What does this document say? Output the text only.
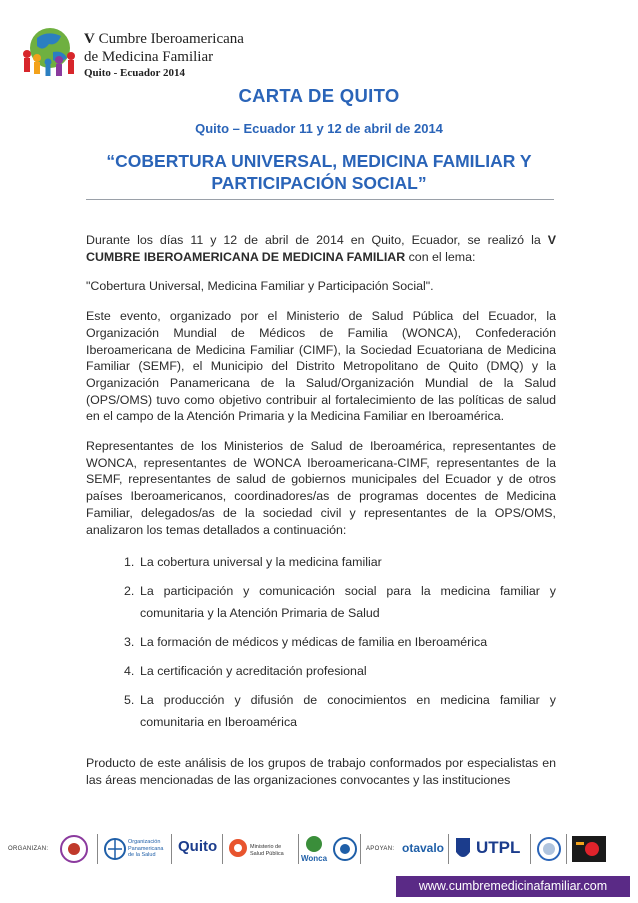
V Cumbre Iberoamericana
de Medicina Familiar
Quito - Ecuador 2014
CARTA DE QUITO
Quito – Ecuador 11 y 12 de abril de 2014
“COBERTURA UNIVERSAL, MEDICINA FAMILIAR Y
PARTICIPACIÓN SOCIAL”

Durante los días 11 y 12 de abril de 2014 en Quito, Ecuador, se realizó la V CUMBRE IBEROAMERICANA DE MEDICINA FAMILIAR con el lema:

"Cobertura Universal, Medicina Familiar y Participación Social".

Este evento, organizado por el Ministerio de Salud Pública del Ecuador, la Organización Mundial de Médicos de Familia (WONCA), Confederación Iberoamericana de Medicina Familiar (CIMF), la Sociedad Ecuatoriana de Medicina Familiar (SEMF), el Municipio del Distrito Metropolitano de Quito (DMQ) y la Organización Panamericana de la Salud/Organización Mundial de la Salud (OPS/OMS) tuvo como objetivo contribuir al fortalecimiento de las políticas de salud en el campo de la Atención Primaria y la Medicina Familiar en Iberoamérica.

Representantes de los Ministerios de Salud de Iberoamérica, representantes de WONCA, representantes de WONCA Iberoamericana-CIMF, representantes de la SEMF, representantes de salud de gobiernos municipales del Ecuador y de otros países Iberoamericanos, coordinadores/as de programas docentes de Medicina Familiar, delegados/as de la sociedad civil y representantes de la OPS/OMS, analizaron los temas detallados a continuación:

1. La cobertura universal y la medicina familiar
2. La participación y comunicación social para la medicina familiar y comunitaria y la Atención Primaria de Salud
3. La formación de médicos y médicas de familia en Iberoamérica
4. La certificación y acreditación profesional
5. La producción y difusión de conocimientos en medicina familiar y comunitaria en Iberoamérica

Producto de este análisis de los grupos de trabajo conformados por especialistas en las áreas mencionadas de las organizaciones convocantes y las instituciones

ORGANIZAN:
Organización Panamericana de la Salud	Quito	Ministerio de Salud Pública
Wonca
APOYAN: otavalo UTPL
www.cumbremedicinafamiliar.com
